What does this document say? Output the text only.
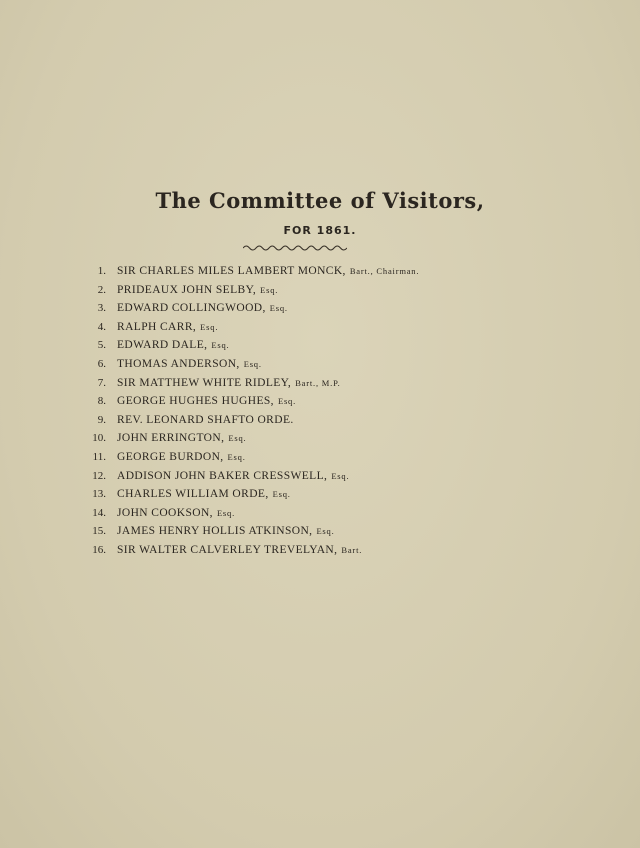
The Committee of Visitors,
FOR 1861.
1. SIR CHARLES MILES LAMBERT MONCK, Bart., Chairman.
2. PRIDEAUX JOHN SELBY, Esq.
3. EDWARD COLLINGWOOD, Esq.
4. RALPH CARR, Esq.
5. EDWARD DALE, Esq.
6. THOMAS ANDERSON, Esq.
7. SIR MATTHEW WHITE RIDLEY, Bart., M.P.
8. GEORGE HUGHES HUGHES, Esq.
9. REV. LEONARD SHAFTO ORDE.
10. JOHN ERRINGTON, Esq.
11. GEORGE BURDON, Esq.
12. ADDISON JOHN BAKER CRESSWELL, Esq.
13. CHARLES WILLIAM ORDE, Esq.
14. JOHN COOKSON, Esq.
15. JAMES HENRY HOLLIS ATKINSON, Esq.
16. SIR WALTER CALVERLEY TREVELYAN, Bart.
